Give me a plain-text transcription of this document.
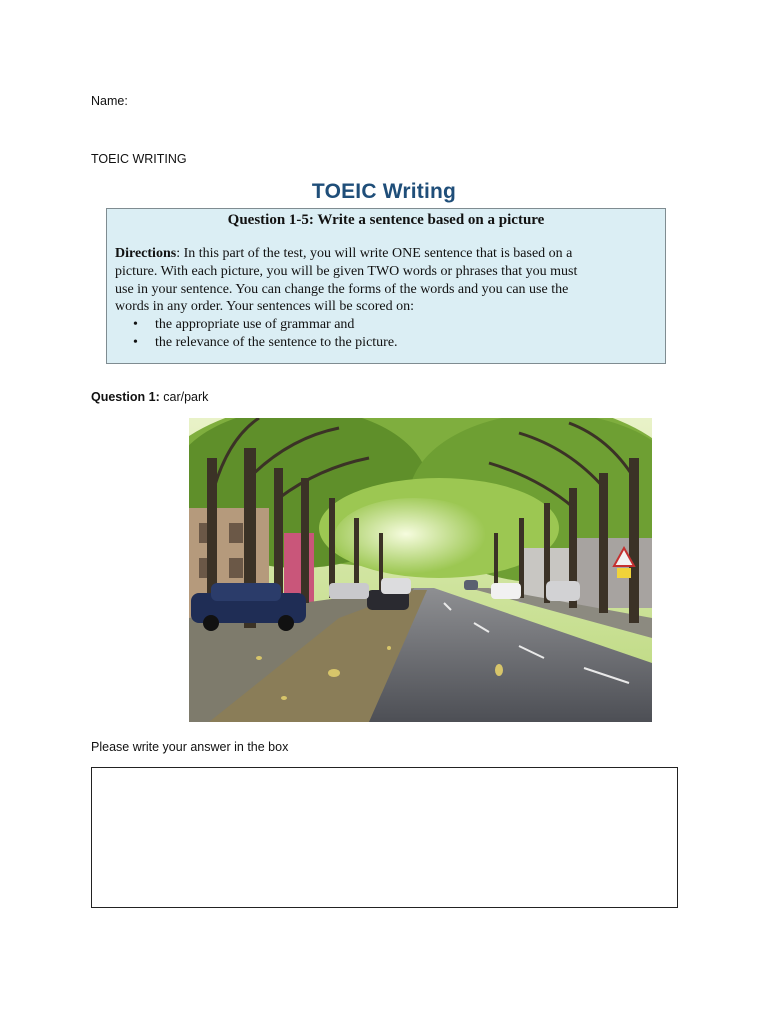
Name:
TOEIC WRITING
TOEIC Writing
Question 1-5: Write a sentence based on a picture
Directions: In this part of the test, you will write ONE sentence that is based on a
picture. With each picture, you will be given TWO words or phrases that you must
use in your sentence. You can change the forms of the words and you can use the
words in any order. Your sentences will be scored on:
• the appropriate use of grammar and
• the relevance of the sentence to the picture.
Question 1: car/park
Please write your answer in the box
